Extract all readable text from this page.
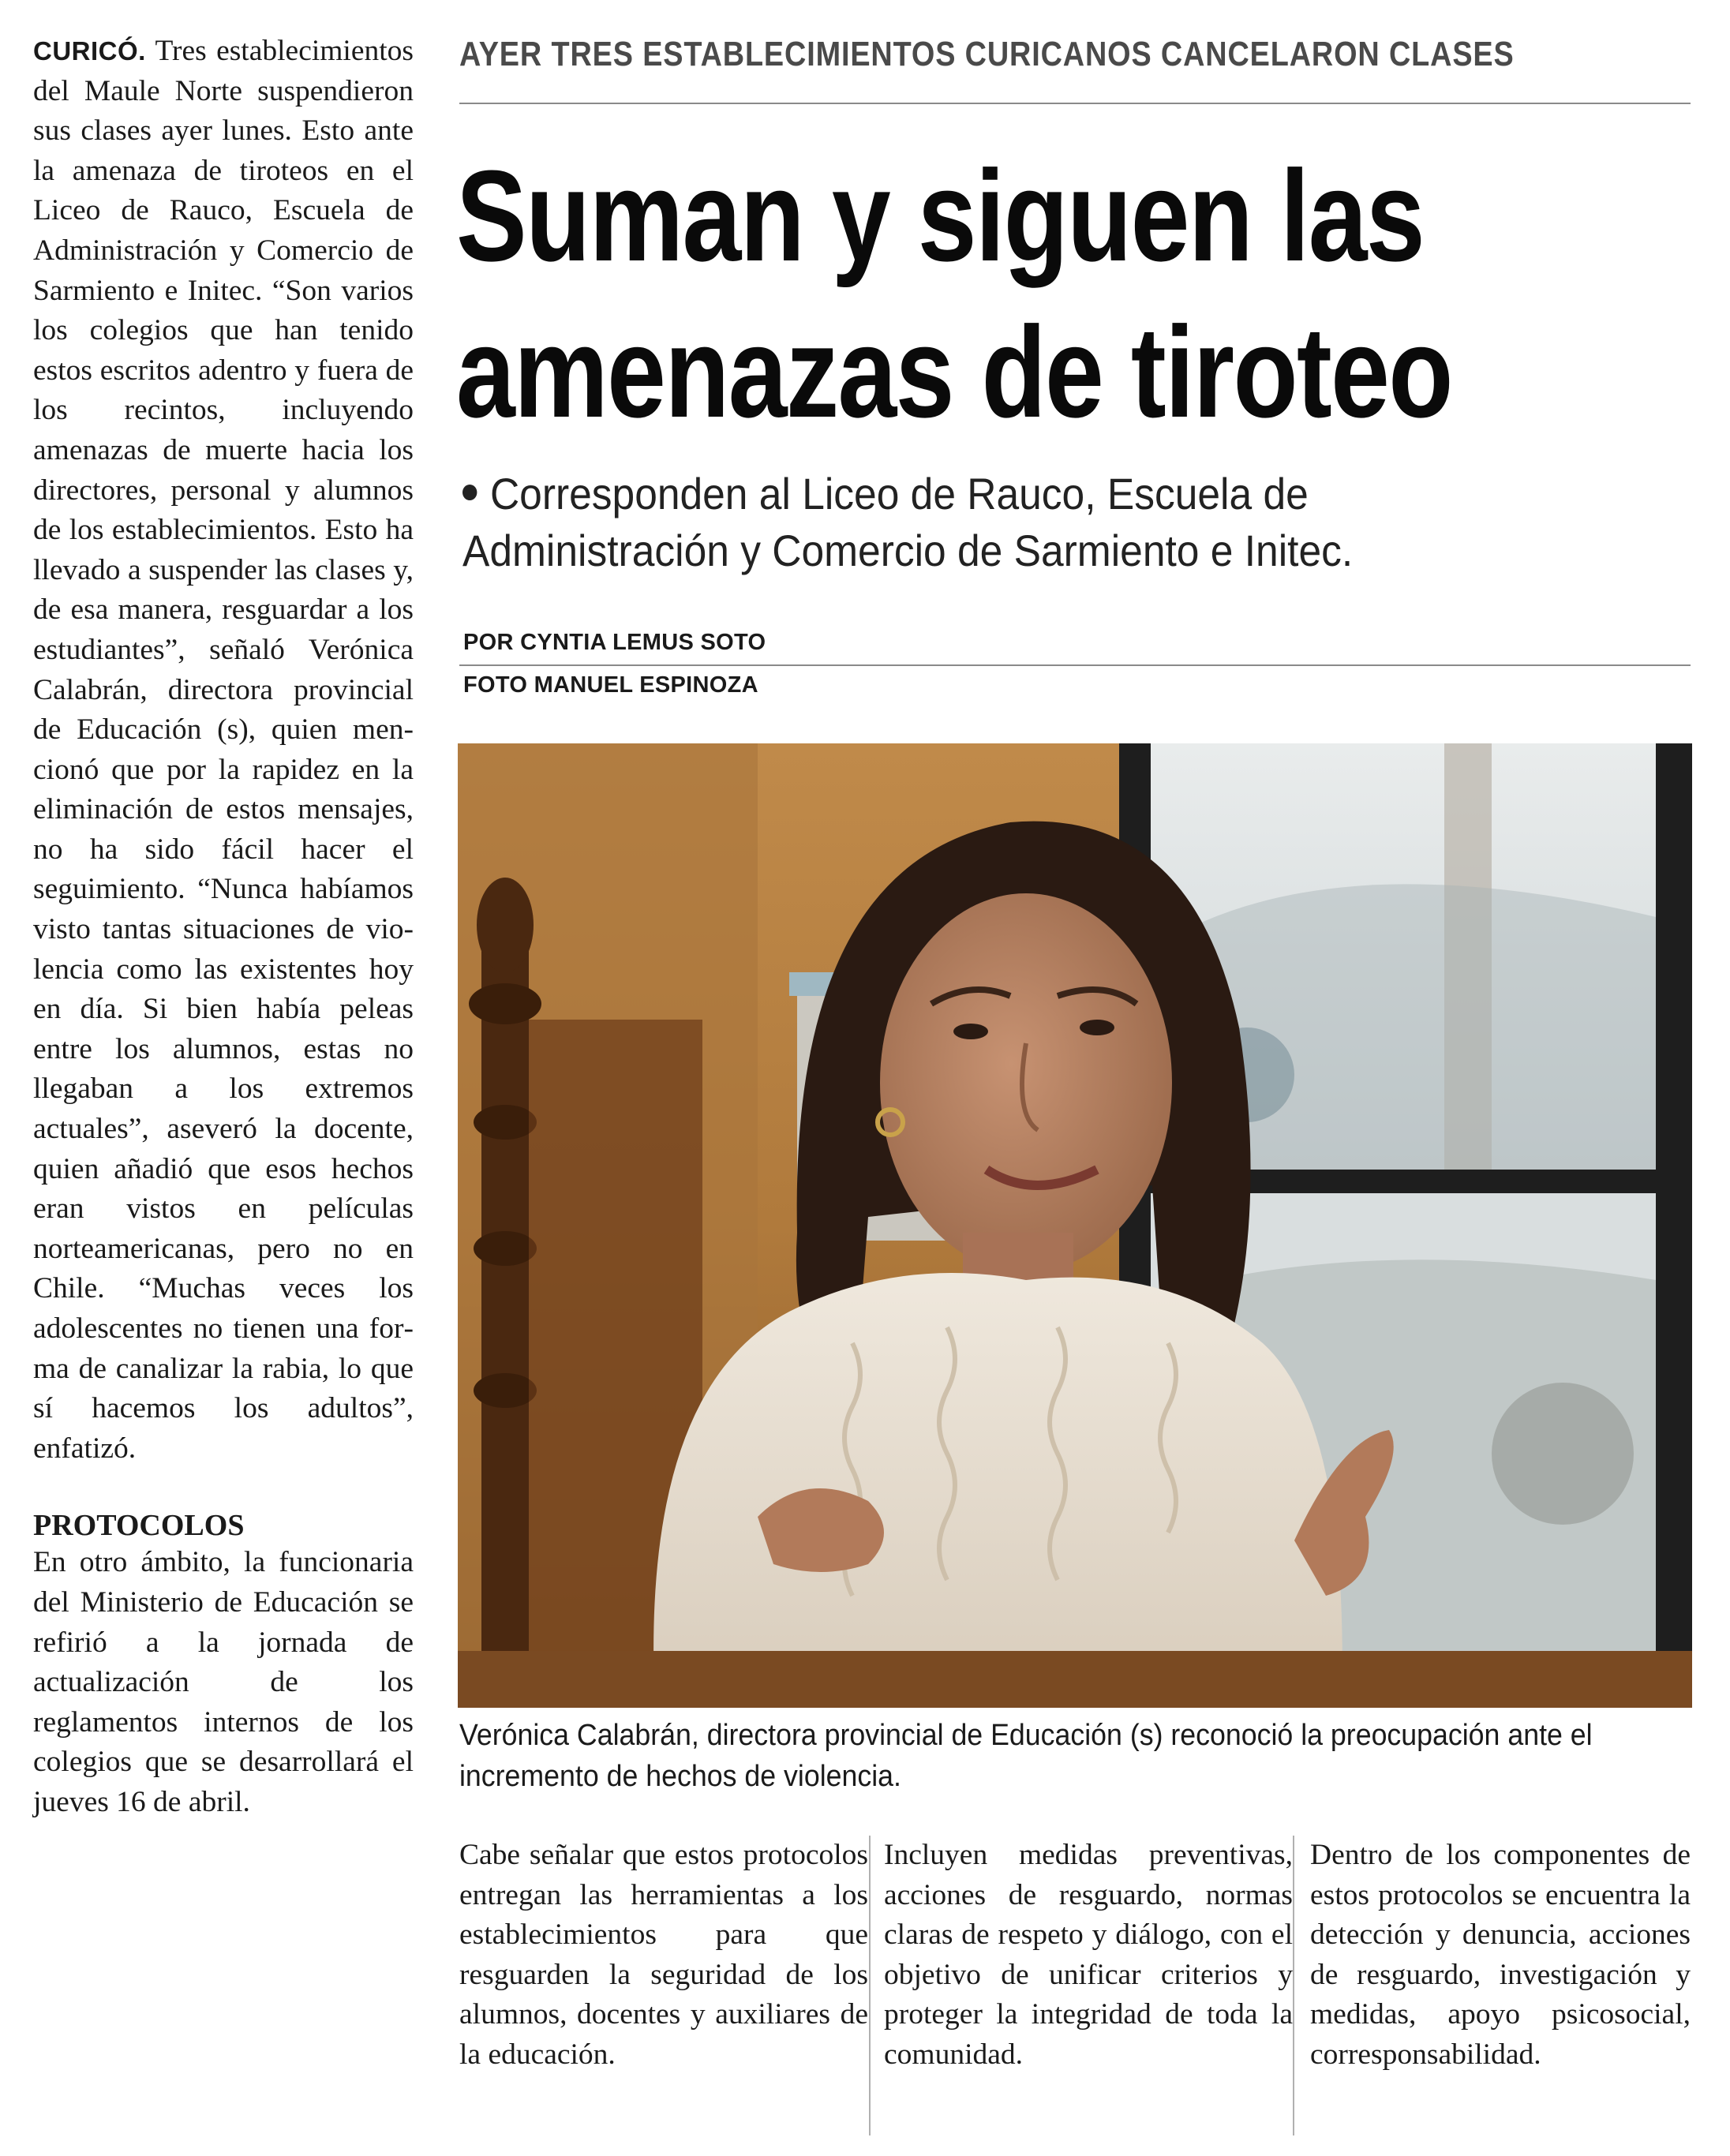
CURICÓ. Tres establecimientos del Maule Norte suspendieron sus clases ayer lunes. Esto ante la amenaza de tiroteos en el Liceo de Rauco, Escuela de Administración y Comercio de Sarmiento e Initec. “Son varios los colegios que han tenido estos escritos adentro y fuera de los recintos, incluyendo amenazas de muerte hacia los directores, personal y alumnos de los establecimientos. Esto ha llevado a suspender las clases y, de esa manera, resguardar a los estudiantes”, señaló Verónica Calabrán, directora provincial de Educación (s), quien mencionó que por la rapidez en la eliminación de estos mensajes, no ha sido fácil hacer el seguimiento. “Nunca habíamos visto tantas situaciones de violencia como las existentes hoy en día. Si bien había peleas entre los alumnos, estas no llegaban a los extremos actuales”, aseveró la docente, quien añadió que esos hechos eran vistos en películas norteamericanas, pero no en Chile. “Muchas veces los adolescentes no tienen una forma de canalizar la rabia, lo que sí hacemos los adultos”, enfatizó.

PROTOCOLOS

En otro ámbito, la funcionaria del Ministerio de Educación se refirió a la jornada de actualización de los reglamentos internos de los colegios que se desarrollará el jueves 16 de abril.

AYER TRES ESTABLECIMIENTOS CURICANOS CANCELARON CLASES
Suman y siguen las
amenazas de tiroteo
Corresponden al Liceo de Rauco, Escuela de
Administración y Comercio de Sarmiento e Initec.
POR CYNTIA LEMUS SOTO
FOTO MANUEL ESPINOZA
Verónica Calabrán, directora provincial de Educación (s) reconoció la preocupación ante el incremento de hechos de violencia.
Cabe señalar que estos protocolos entregan las herramientas a los establecimientos para que resguarden la seguridad de los alumnos, docentes y auxiliares de la educación.
Incluyen medidas preventivas, acciones de resguardo, normas claras de respeto y diálogo, con el objetivo de unificar criterios y proteger la integridad de toda la comunidad.
Dentro de los componentes de estos protocolos se encuentra la detección y denuncia, acciones de resguardo, investigación y medidas, apoyo psicosocial, corresponsabilidad.
